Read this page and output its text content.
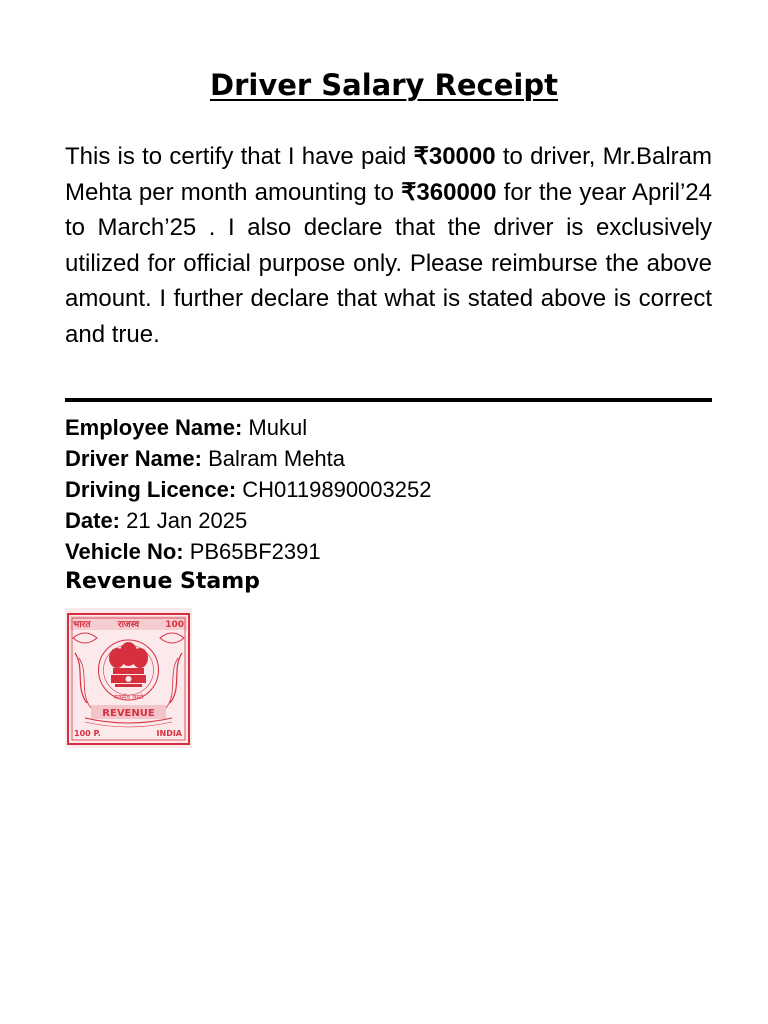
Driver Salary Receipt

This is to certify that I have paid ₹30000 to driver, Mr.Balram Mehta per month amounting to ₹360000 for the year April’24 to March’25 . I also declare that the driver is exclusively utilized for official purpose only. Please reimburse the above amount. I further declare that what is stated above is correct and true.

Employee Name: Mukul
Driver Name: Balram Mehta
Driving Licence: CH0119890003252
Date: 21 Jan 2025
Vehicle No: PB65BF2391
Revenue Stamp
भारत	राजस्व	100
सत्यमेव जयते
REVENUE
100 P.	INDIA
